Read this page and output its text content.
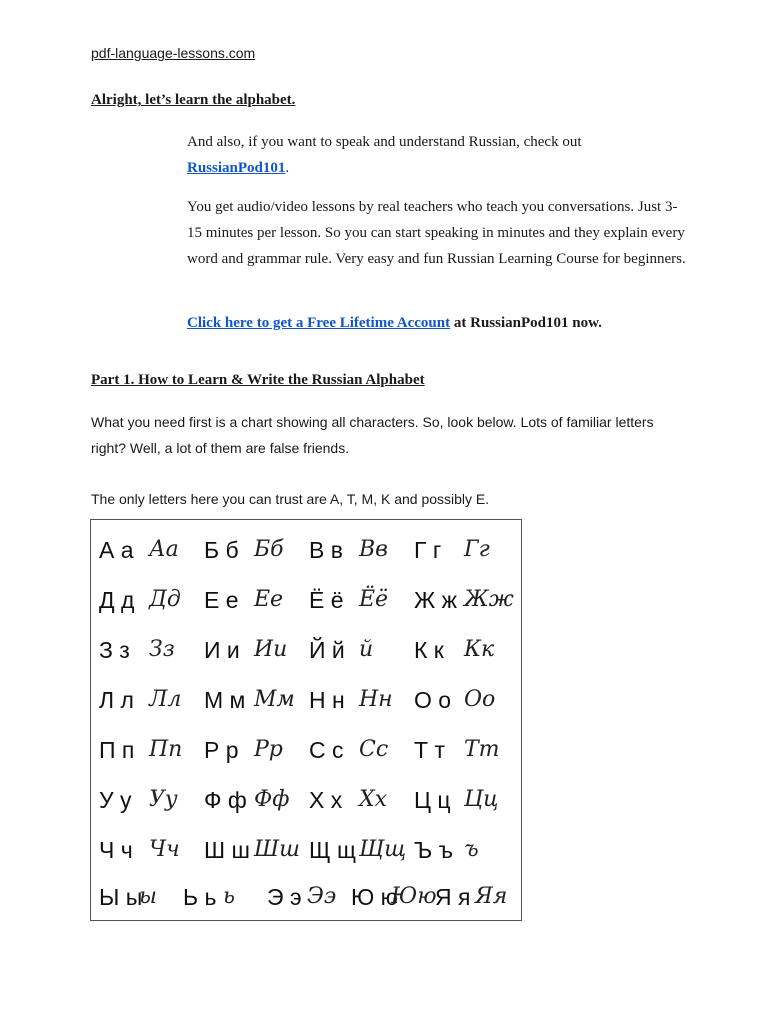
pdf-language-lessons.com
Alright, let’s learn the alphabet.
And also, if you want to speak and understand Russian, check out
RussianPod101.
You get audio/video lessons by real teachers who teach you conversations. Just 3-15 minutes per lesson. So you can start speaking in minutes and they explain every word and grammar rule. Very easy and fun Russian Learning Course for beginners.
Click here to get a Free Lifetime Account at RussianPod101 now.
Part 1. How to Learn & Write the Russian Alphabet
What you need first is a chart showing all characters. So, look below. Lots of familiar letters right? Well, a lot of them are false friends.
The only letters here you can trust are A, T, M, K and possibly E.
А а Аа Б б Бб В в Вв Г г Гг
Д д Дд Е е Ее Ё ё Ёё Ж ж Жж
З з Зз И и Ии Й й й К к Кк
Л л Лл М м Мм Н н Нн О о Оо
П п Пп Р р Рр С с Сс Т т Тт
У у Уу Ф ф Фф Х х Хх Ц ц Цц
Ч ч Чч Ш ш Шш Щ щ Щщ Ъ ъ ъ
Ы ы
ы Ь ь ь Э э Ээ Ю ю
Юю
Я я Яя
